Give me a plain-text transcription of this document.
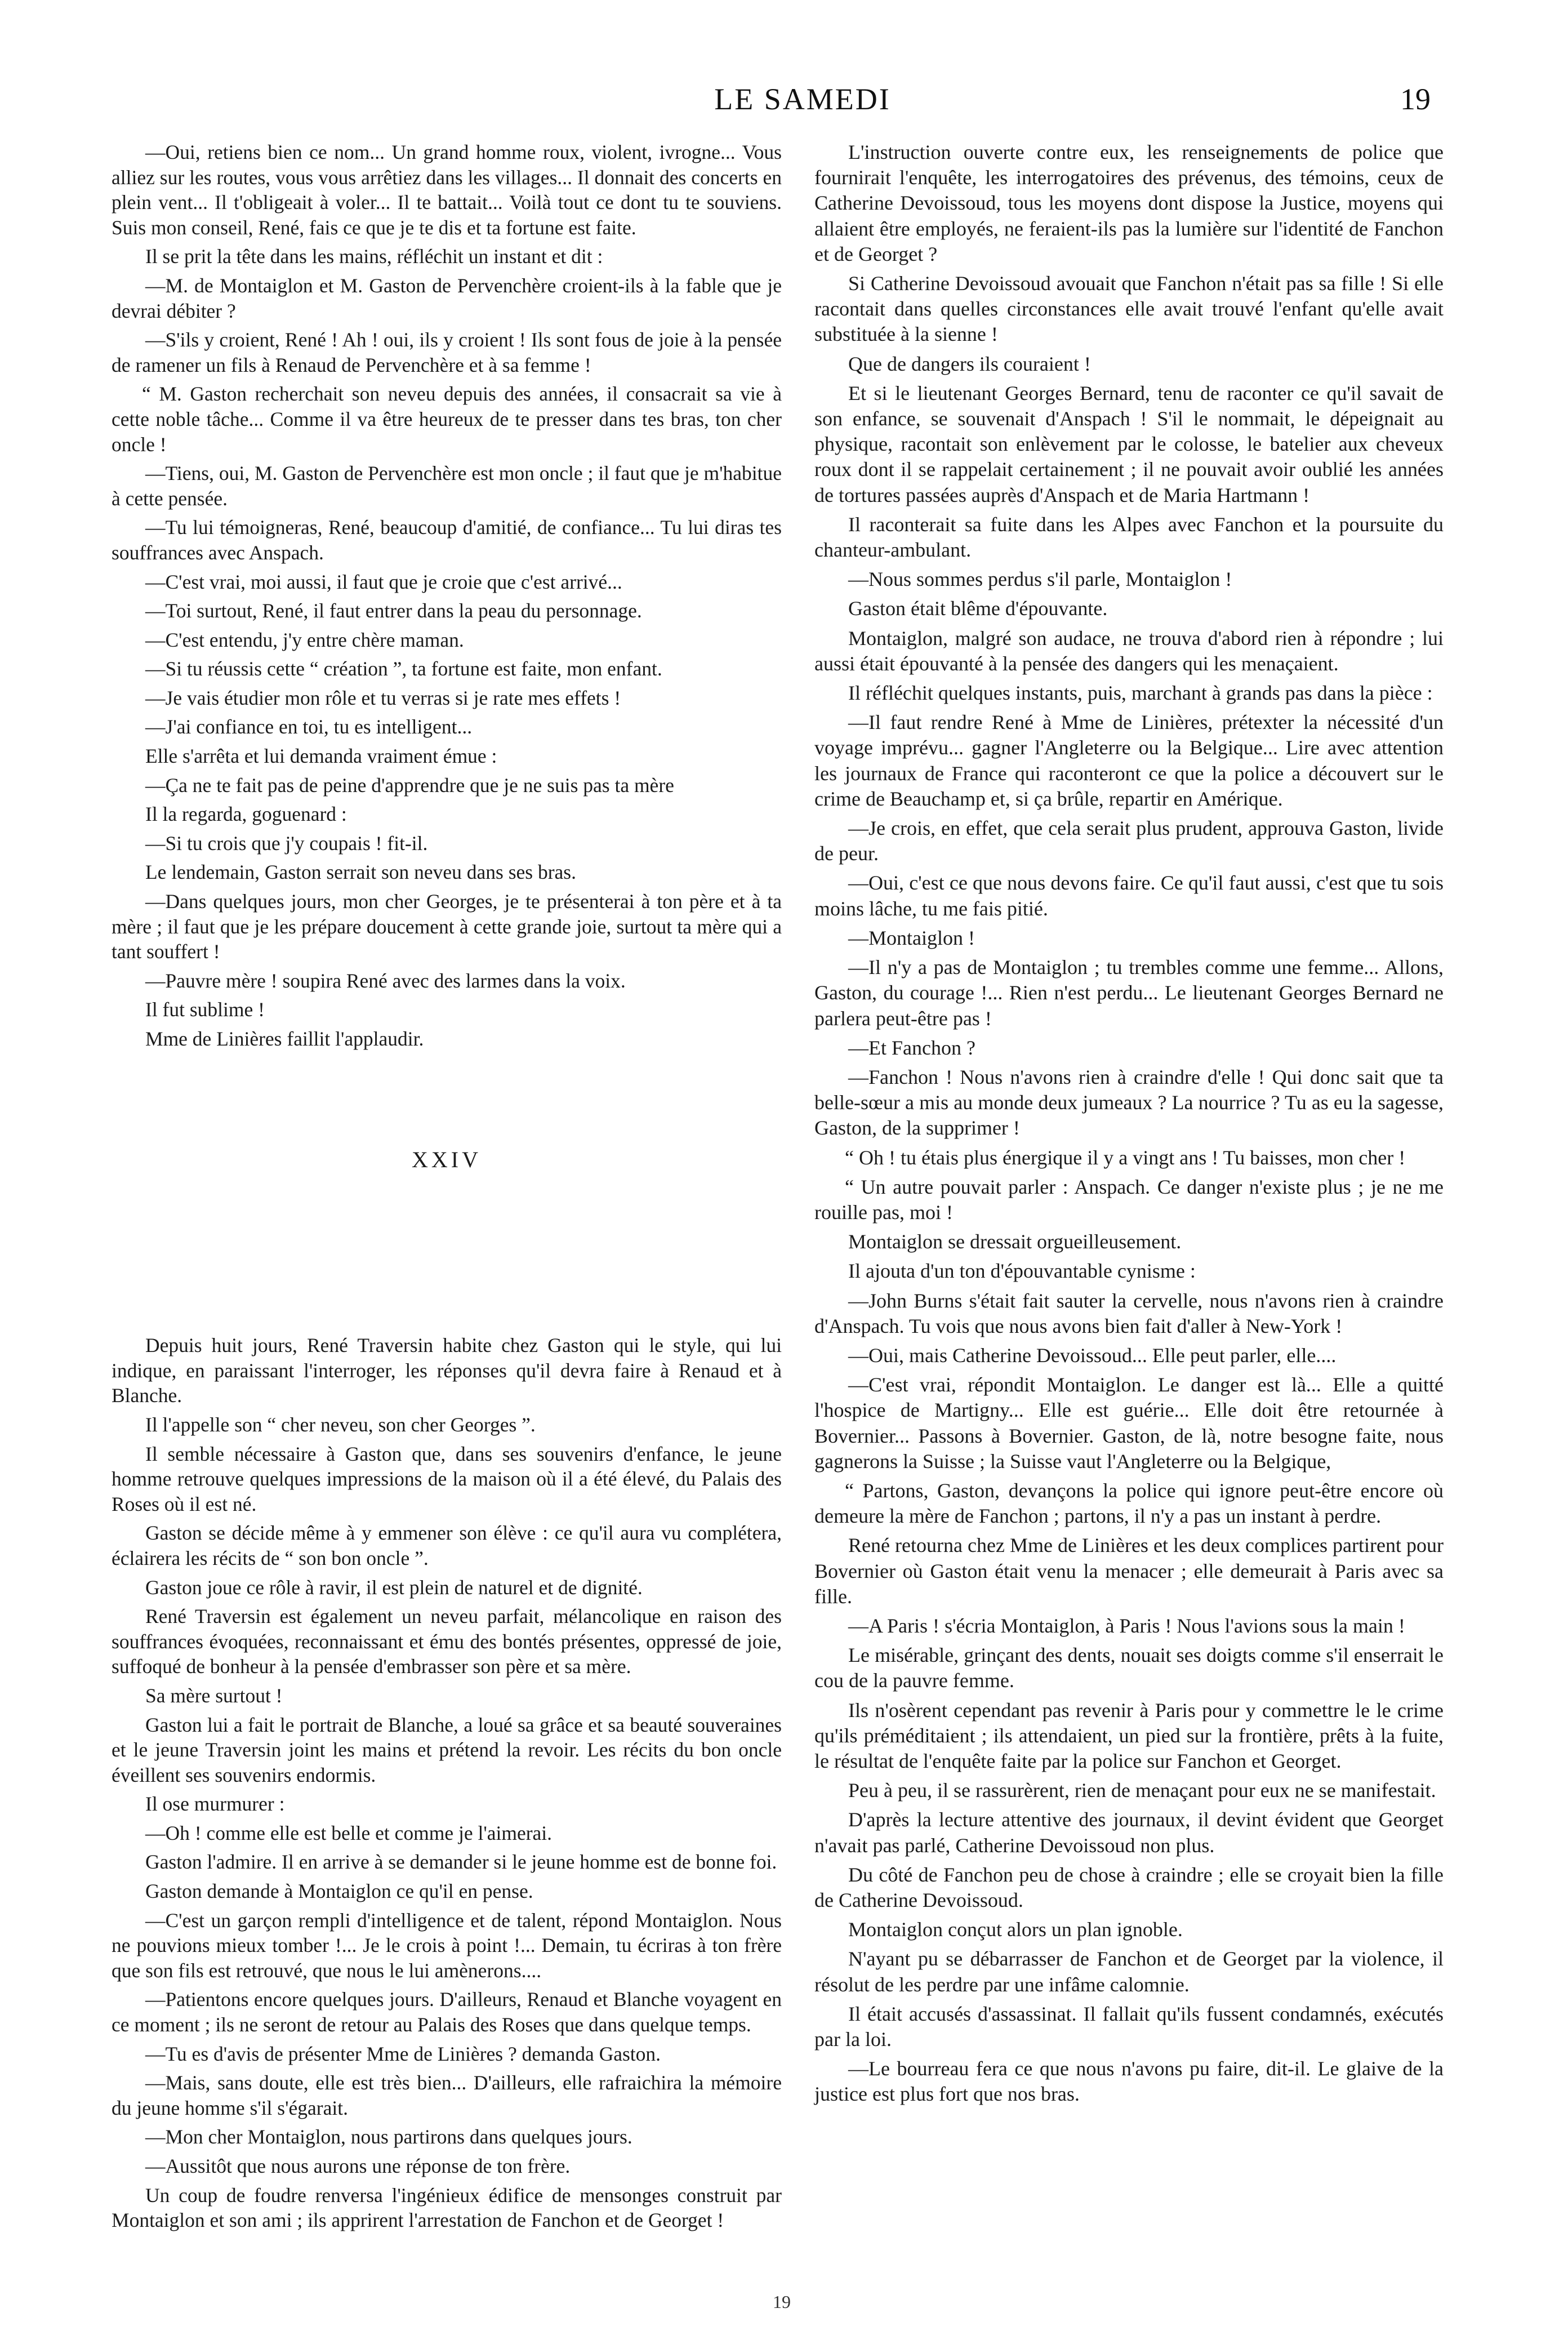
LE SAMEDI	19

—Oui, retiens bien ce nom... Un grand homme roux, violent, ivrogne... Vous alliez sur les routes, vous vous arrêtiez dans les villages... Il donnait des concerts en plein vent... Il t'obligeait à voler... Il te battait... Voilà tout ce dont tu te souviens. Suis mon conseil, René, fais ce que je te dis et ta fortune est faite.

Il se prit la tête dans les mains, réfléchit un instant et dit :

—M. de Montaiglon et M. Gaston de Pervenchère croient-ils à la fable que je devrai débiter ?

—S'ils y croient, René ! Ah ! oui, ils y croient ! Ils sont fous de joie à la pensée de ramener un fils à Renaud de Pervenchère et à sa femme !

“ M. Gaston recherchait son neveu depuis des années, il consacrait sa vie à cette noble tâche... Comme il va être heureux de te presser dans tes bras, ton cher oncle !

—Tiens, oui, M. Gaston de Pervenchère est mon oncle ; il faut que je m'habitue à cette pensée.

—Tu lui témoigneras, René, beaucoup d'amitié, de confiance... Tu lui diras tes souffrances avec Anspach.

—C'est vrai, moi aussi, il faut que je croie que c'est arrivé...

—Toi surtout, René, il faut entrer dans la peau du personnage.

—C'est entendu, j'y entre chère maman.

—Si tu réussis cette “ création ”, ta fortune est faite, mon enfant.

—Je vais étudier mon rôle et tu verras si je rate mes effets !

—J'ai confiance en toi, tu es intelligent...

Elle s'arrêta et lui demanda vraiment émue :

—Ça ne te fait pas de peine d'apprendre que je ne suis pas ta mère

Il la regarda, goguenard :

—Si tu crois que j'y coupais ! fit-il.

Le lendemain, Gaston serrait son neveu dans ses bras.

—Dans quelques jours, mon cher Georges, je te présenterai à ton père et à ta mère ; il faut que je les prépare doucement à cette grande joie, surtout ta mère qui a tant souffert !

—Pauvre mère ! soupira René avec des larmes dans la voix.

Il fut sublime !

Mme de Linières faillit l'applaudir.

XXIV

Depuis huit jours, René Traversin habite chez Gaston qui le style, qui lui indique, en paraissant l'interroger, les réponses qu'il devra faire à Renaud et à Blanche.

Il l'appelle son “ cher neveu, son cher Georges ”.

Il semble nécessaire à Gaston que, dans ses souvenirs d'enfance, le jeune homme retrouve quelques impressions de la maison où il a été élevé, du Palais des Roses où il est né.

Gaston se décide même à y emmener son élève : ce qu'il aura vu complétera, éclairera les récits de “ son bon oncle ”.

Gaston joue ce rôle à ravir, il est plein de naturel et de dignité.

René Traversin est également un neveu parfait, mélancolique en raison des souffrances évoquées, reconnaissant et ému des bontés présentes, oppressé de joie, suffoqué de bonheur à la pensée d'embrasser son père et sa mère.

Sa mère surtout !

Gaston lui a fait le portrait de Blanche, a loué sa grâce et sa beauté souveraines et le jeune Traversin joint les mains et prétend la revoir. Les récits du bon oncle éveillent ses souvenirs endormis.

Il ose murmurer :

—Oh ! comme elle est belle et comme je l'aimerai.

Gaston l'admire. Il en arrive à se demander si le jeune homme est de bonne foi.

Gaston demande à Montaiglon ce qu'il en pense.

—C'est un garçon rempli d'intelligence et de talent, répond Montaiglon. Nous ne pouvions mieux tomber !... Je le crois à point !... Demain, tu écriras à ton frère que son fils est retrouvé, que nous le lui amènerons....

—Patientons encore quelques jours. D'ailleurs, Renaud et Blanche voyagent en ce moment ; ils ne seront de retour au Palais des Roses que dans quelque temps.

—Tu es d'avis de présenter Mme de Linières ? demanda Gaston.

—Mais, sans doute, elle est très bien... D'ailleurs, elle rafraichira la mémoire du jeune homme s'il s'égarait.

—Mon cher Montaiglon, nous partirons dans quelques jours.

—Aussitôt que nous aurons une réponse de ton frère.

Un coup de foudre renversa l'ingénieux édifice de mensonges construit par Montaiglon et son ami ; ils apprirent l'arrestation de Fanchon et de Georget !

L'instruction ouverte contre eux, les renseignements de police que fournirait l'enquête, les interrogatoires des prévenus, des témoins, ceux de Catherine Devoissoud, tous les moyens dont dispose la Justice, moyens qui allaient être employés, ne feraient-ils pas la lumière sur l'identité de Fanchon et de Georget ?

Si Catherine Devoissoud avouait que Fanchon n'était pas sa fille ! Si elle racontait dans quelles circonstances elle avait trouvé l'enfant qu'elle avait substituée à la sienne !

Que de dangers ils couraient !

Et si le lieutenant Georges Bernard, tenu de raconter ce qu'il savait de son enfance, se souvenait d'Anspach ! S'il le nommait, le dépeignait au physique, racontait son enlèvement par le colosse, le batelier aux cheveux roux dont il se rappelait certainement ; il ne pouvait avoir oublié les années de tortures passées auprès d'Anspach et de Maria Hartmann !

Il raconterait sa fuite dans les Alpes avec Fanchon et la poursuite du chanteur-ambulant.

—Nous sommes perdus s'il parle, Montaiglon !

Gaston était blême d'épouvante.

Montaiglon, malgré son audace, ne trouva d'abord rien à répondre ; lui aussi était épouvanté à la pensée des dangers qui les menaçaient.

Il réfléchit quelques instants, puis, marchant à grands pas dans la pièce :

—Il faut rendre René à Mme de Linières, prétexter la nécessité d'un voyage imprévu... gagner l'Angleterre ou la Belgique... Lire avec attention les journaux de France qui raconteront ce que la police a découvert sur le crime de Beauchamp et, si ça brûle, repartir en Amérique.

—Je crois, en effet, que cela serait plus prudent, approuva Gaston, livide de peur.

—Oui, c'est ce que nous devons faire. Ce qu'il faut aussi, c'est que tu sois moins lâche, tu me fais pitié.

—Montaiglon !

—Il n'y a pas de Montaiglon ; tu trembles comme une femme... Allons, Gaston, du courage !... Rien n'est perdu... Le lieutenant Georges Bernard ne parlera peut-être pas !

—Et Fanchon ?

—Fanchon ! Nous n'avons rien à craindre d'elle ! Qui donc sait que ta belle-sœur a mis au monde deux jumeaux ? La nourrice ? Tu as eu la sagesse, Gaston, de la supprimer !

“ Oh ! tu étais plus énergique il y a vingt ans ! Tu baisses, mon cher !

“ Un autre pouvait parler : Anspach. Ce danger n'existe plus ; je ne me rouille pas, moi !

Montaiglon se dressait orgueilleusement.

Il ajouta d'un ton d'épouvantable cynisme :

—John Burns s'était fait sauter la cervelle, nous n'avons rien à craindre d'Anspach. Tu vois que nous avons bien fait d'aller à New-York !

—Oui, mais Catherine Devoissoud... Elle peut parler, elle....

—C'est vrai, répondit Montaiglon. Le danger est là... Elle a quitté l'hospice de Martigny... Elle est guérie... Elle doit être retournée à Bovernier... Passons à Bovernier. Gaston, de là, notre besogne faite, nous gagnerons la Suisse ; la Suisse vaut l'Angleterre ou la Belgique,

“ Partons, Gaston, devançons la police qui ignore peut-être encore où demeure la mère de Fanchon ; partons, il n'y a pas un instant à perdre.

René retourna chez Mme de Linières et les deux complices partirent pour Bovernier où Gaston était venu la menacer ; elle demeurait à Paris avec sa fille.

—A Paris ! s'écria Montaiglon, à Paris ! Nous l'avions sous la main !

Le misérable, grinçant des dents, nouait ses doigts comme s'il enserrait le cou de la pauvre femme.

Ils n'osèrent cependant pas revenir à Paris pour y commettre le le crime qu'ils préméditaient ; ils attendaient, un pied sur la frontière, prêts à la fuite, le résultat de l'enquête faite par la police sur Fanchon et Georget.

Peu à peu, il se rassurèrent, rien de menaçant pour eux ne se manifestait.

D'après la lecture attentive des journaux, il devint évident que Georget n'avait pas parlé, Catherine Devoissoud non plus.

Du côté de Fanchon peu de chose à craindre ; elle se croyait bien la fille de Catherine Devoissoud.

Montaiglon conçut alors un plan ignoble.

N'ayant pu se débarrasser de Fanchon et de Georget par la violence, il résolut de les perdre par une infâme calomnie.

Il était accusés d'assassinat. Il fallait qu'ils fussent condamnés, exécutés par la loi.

—Le bourreau fera ce que nous n'avons pu faire, dit-il. Le glaive de la justice est plus fort que nos bras.

19
